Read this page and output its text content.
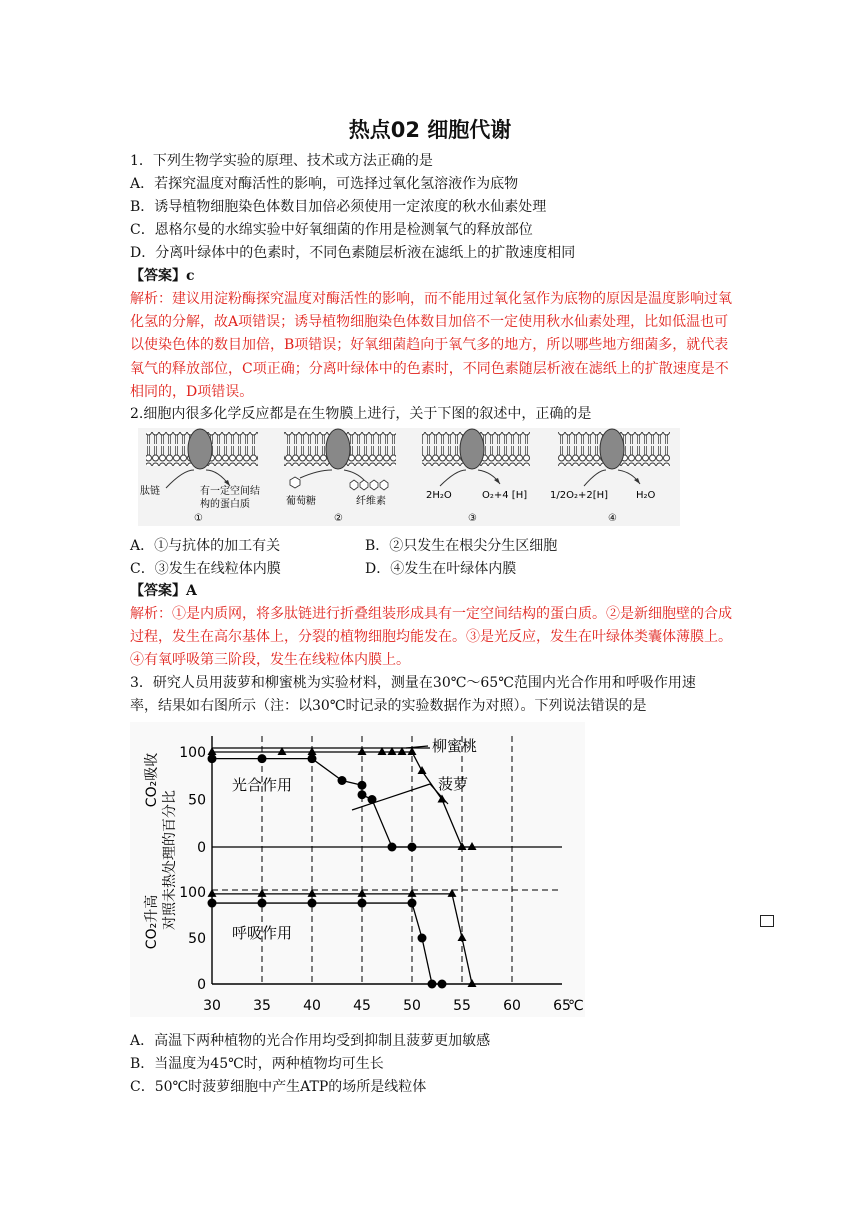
热点02 细胞代谢
1．下列生物学实验的原理、技术或方法正确的是
A．若探究温度对酶活性的影响，可选择过氧化氢溶液作为底物
B．诱导植物细胞染色体数目加倍必须使用一定浓度的秋水仙素处理
C．恩格尔曼的水绵实验中好氧细菌的作用是检测氧气的释放部位
D．分离叶绿体中的色素时，不同色素随层析液在滤纸上的扩散速度相同
【答案】c
解析：建议用淀粉酶探究温度对酶活性的影响，而不能用过氧化氢作为底物的原因是温度影响过氧化氢的分解，故A项错误；诱导植物细胞染色体数目加倍不一定使用秋水仙素处理，比如低温也可以使染色体的数目加倍，B项错误；好氧细菌趋向于氧气多的地方，所以哪些地方细菌多，就代表氧气的释放部位，C项正确；分离叶绿体中的色素时，不同色素随层析液在滤纸上的扩散速度是不相同的，D项错误。
2.细胞内很多化学反应都是在生物膜上进行，关于下图的叙述中，正确的是
肽链	有一定空间结
构的蛋白质
①
葡萄糖	纤维素
②
2H₂O	O₂+4 [H]
③
1/2O₂+2[H]	H₂O
④
A．①与抗体的加工有关	B．②只发生在根尖分生区细胞
C．③发生在线粒体内膜	D．④发生在叶绿体内膜
【答案】A
解析：①是内质网，将多肽链进行折叠组装形成具有一定空间结构的蛋白质。②是新细胞壁的合成过程，发生在高尔基体上，分裂的植物细胞均能发在。③是光反应，发生在叶绿体类囊体薄膜上。④有氧呼吸第三阶段，发生在线粒体内膜上。
3．研究人员用菠萝和柳蜜桃为实验材料，测量在30℃～65℃范围内光合作用和呼吸作用速
率，结果如右图所示（注：以30℃时记录的实验数据作为对照）。下列说法错误的是
CO₂吸收
对照未热处理的百分比
CO₂升高
光合作用
呼吸作用
柳蜜桃
菠萝
℃
30 35 40 45 50 55 60 65
100
50
0
100
50
0
A．高温下两种植物的光合作用均受到抑制且菠萝更加敏感
B．当温度为45℃时，两种植物均可生长
C．50℃时菠萝细胞中产生ATP的场所是线粒体
